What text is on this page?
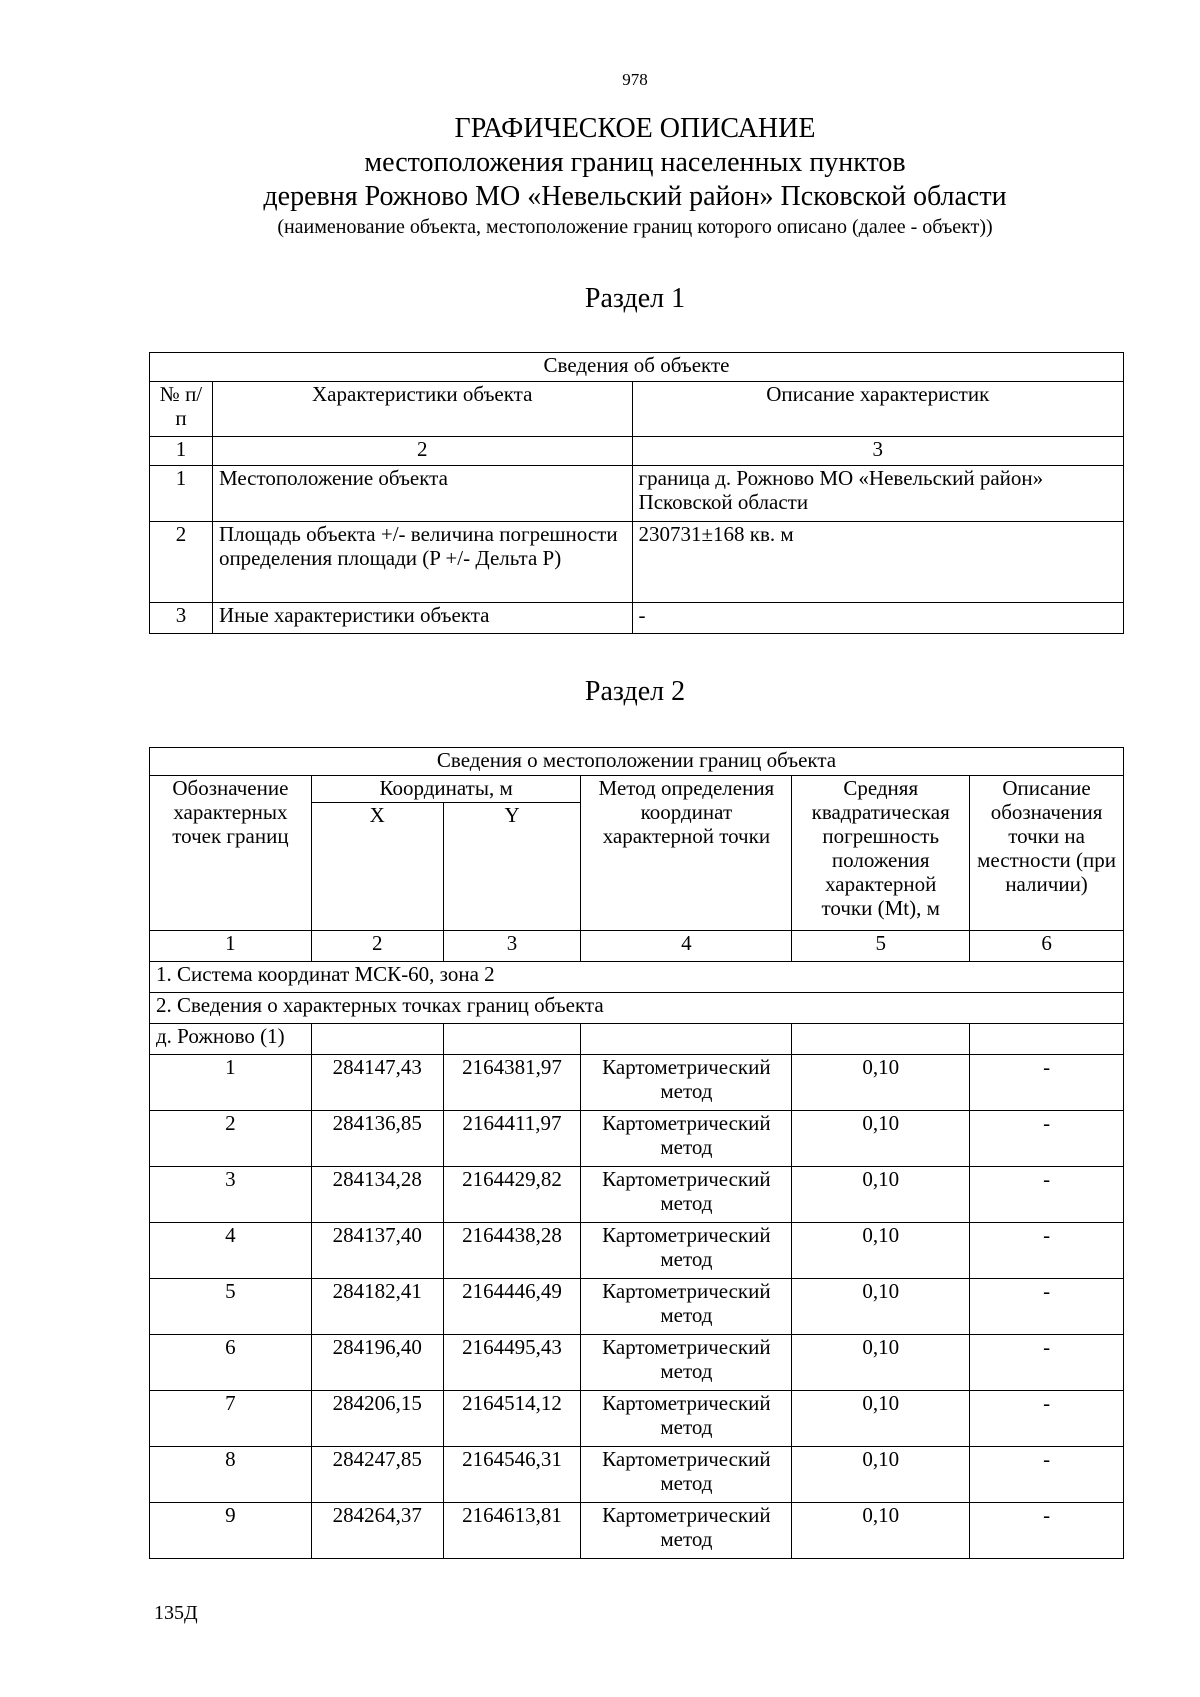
978
ГРАФИЧЕСКОЕ ОПИСАНИЕ
местоположения границ населенных пунктов
деревня Рожново МО «Невельский район» Псковской области
(наименование объекта, местоположение границ которого описано (далее - объект))
Раздел 1
Сведения об объекте		
№ п/п	Характеристики объекта	Описание характеристик
1	2	3
1	Местоположение объекта	граница д. Рожново МО «Невельский район» Псковской области
2	Площадь объекта +/- величина погрешности определения площади (P +/- Дельта P)	230731±168 кв. м
3	Иные характеристики объекта	-
Раздел 2
Сведения о местоположении границ объекта					
Обозначение характерных точек границ	Координаты, м		Метод определения координат характерной точки	Средняя квадратическая погрешность положения характерной точки (Mt), м	Описание обозначения точки на местности (при наличии)
	X	Y			
1	2	3	4	5	6
1. Система координат МСК-60, зона 2					
2. Сведения о характерных точках границ объекта					
д. Рожново (1)					
1	284147,43	2164381,97	Картометрический метод	0,10	-
2	284136,85	2164411,97	Картометрический метод	0,10	-
3	284134,28	2164429,82	Картометрический метод	0,10	-
4	284137,40	2164438,28	Картометрический метод	0,10	-
5	284182,41	2164446,49	Картометрический метод	0,10	-
6	284196,40	2164495,43	Картометрический метод	0,10	-
7	284206,15	2164514,12	Картометрический метод	0,10	-
8	284247,85	2164546,31	Картометрический метод	0,10	-
9	284264,37	2164613,81	Картометрический метод	0,10	-
135Д
